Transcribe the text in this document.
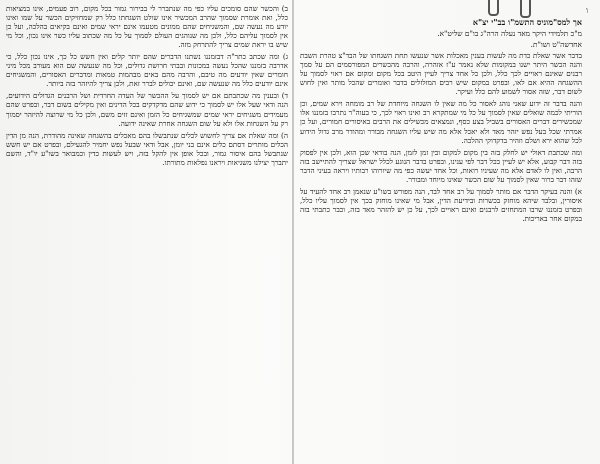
ו

אך למס"מוניס התשמ"ו בב"י יצ"א

מ"כ תלמידי היקר מאד נעלה הרה"ג בו"ם שליט"א.

אחדשה"ט ושו"ת.

בדבר אשר שאלת כדת מה לעשות בענין מאכלות אשר שנעשו תחת השגחתו של הבד"צ טהרת השבת והנה הכשר היתר ישנו במקומות שלא נאמר ע"ז אזהרה, והרבה מהכשרים המפורסמים הם על סמך רבנים שאינם ראויים לכך כלל, ולכן כל אחד צריך לעיין היטב בכל מקום ומקום אם ראוי לסמוך על ההשגחה ההיא אם לאו, ובפרט במקום שיש רבים המזלזלים בדבר ואומרים שהכל מותר ואין לחוש לשום דבר, שזה אסור לשמוע להם כלל ועיקר.

והנה בדבר זה ידוע שאני נוהג לאסור כל מה שאין לו השגחה מיוחדת של רב מומחה וירא שמים, וכן הוריתי לכמה שואלים שאין לסמוך על כל מי שמתקרא רב ואינו ראוי לכך, כי בעוה"ר נתרבו בזמננו אלו שמכשירים דברים האסורים בשביל בצע כסף, ונמצאים מכשילים את הרבים באיסורים חמורים, ועל כן אמרתי שכל בעל נפש יזהר מאד ולא יאכל אלא מה שיש עליו השגחה מבורר ומהודר מרב גדול הידוע לכל שהוא ירא ושלם וזהיר בדקדוקי ההלכה.

ומה שכתבת דאולי יש לחלק בזה בין מקום למקום ובין זמן לזמן, הנה בודאי שכן הוא, ולכן אין לפסוק בזה דבר קבוע, אלא יש לעיין בכל דבר לפי ענינו, ובפרט בדבר הנוגע לכלל ישראל שצריך להתיישב בזה הרבה, ואין לו לאדם אלא מה שעיניו רואות, וכל אחד יעשה כפי מה שיורוהו רבותיו ויראה בעיני הדבר שזהו דבר ברור שאין לסמוך על שום הכשר שאינו מיוחד ומבורר.

א) והנה בעיקר הדבר אם מותר לסמוך על רב אחד לבד, הנה מפורש בשו"ע שנאמן רב אחד להעיד על איסורין, ובלבד שיהא מוחזק בכשרות ובידיעת הדין, אבל מי שאינו מוחזק בכך אין לסמוך עליו כלל, ובפרט בזמננו שרבו המתחזים לרבנים ואינם ראויים לכך, על כן יש להזהר מאד בזה, וכבר כתבתי בזה במקום אחר באריכות.

ב) והכשר שהם סומכים עליו כפי מה שנתברר לי בבירור גמור בכל מקום, רוב פעמים, אינו במציאות כלל, ואת אומרת שסמוך שהרב המכשיר אינו שולט השגחתו כלל רק שמחזיקים הכשר על שמו ואינו יודע מה נעשה שם, והמשגיחים שהם ממונים מטעמו אינם יראי שמים ואינם בקיאים בהלכה, ועל כן אין לסמוך עליהם כלל, ולכן מה שנוהגים העולם לסמוך על כל מה שכתוב עליו כשר אינו נכון, וכל מי שיש בו יראת שמים צריך להתרחק מזה.

ג) ומה שכתב כתר"ה דבזמננו נשתנו הדברים שהם יותר קלים ואין חשש כל כך, אינו נכון כלל, כי אדרבה בזמננו שהכל נעשה במכונות ובבתי חרושת גדולים, וכל מה שנעשה שם הוא מעורב מכל מיני חומרים שאין יודעים מה טיבם, והרבה מהם באים מבהמות טמאות ומדברים האסורים, והמשגיחים אינם יודעים כלל מה שנעשה שם, ואינם יכולים לברר זאת, ולכן צריך להיזהר בזה ביותר.

ד) ובענין מה שכתבתם אם יש לסמוך על ההכשר של העדה החרדית ושל הרבנים הגדולים הידועים, הנה ודאי שעל אלו יש לסמוך כי ידוע שהם מדקדקים בכל הדינים ואין מקילים בשום דבר, ובפרט שהם מעמידים משגיחים יראי שמים שמשגיחים כל הזמן ואינם זזים משם, ולכן כל מי שרוצה להיזהר יסמוך רק על השגחות אלו ולא על שום השגחה אחרת שאינה ידועה.

ה) ומה שאלת אם צריך לחשוש לכלים שנתבשלו בהם מאכלים בהשגחה שאינה מהודרת, הנה מן הדין הכלים מותרים דסתם כלים אינם בני יומן, אבל ודאי שבעל נפש יחמיר להגעילם, ובפרט אם יש חשש שנתבשל בהם איסור גמור, ובכל אופן אין להקל בזה, ויש לעשות כדין וכמבואר בשו"ע יו"ד, והשם יתברך יצילנו משגיאות ויראנו נפלאות מתורתו.
